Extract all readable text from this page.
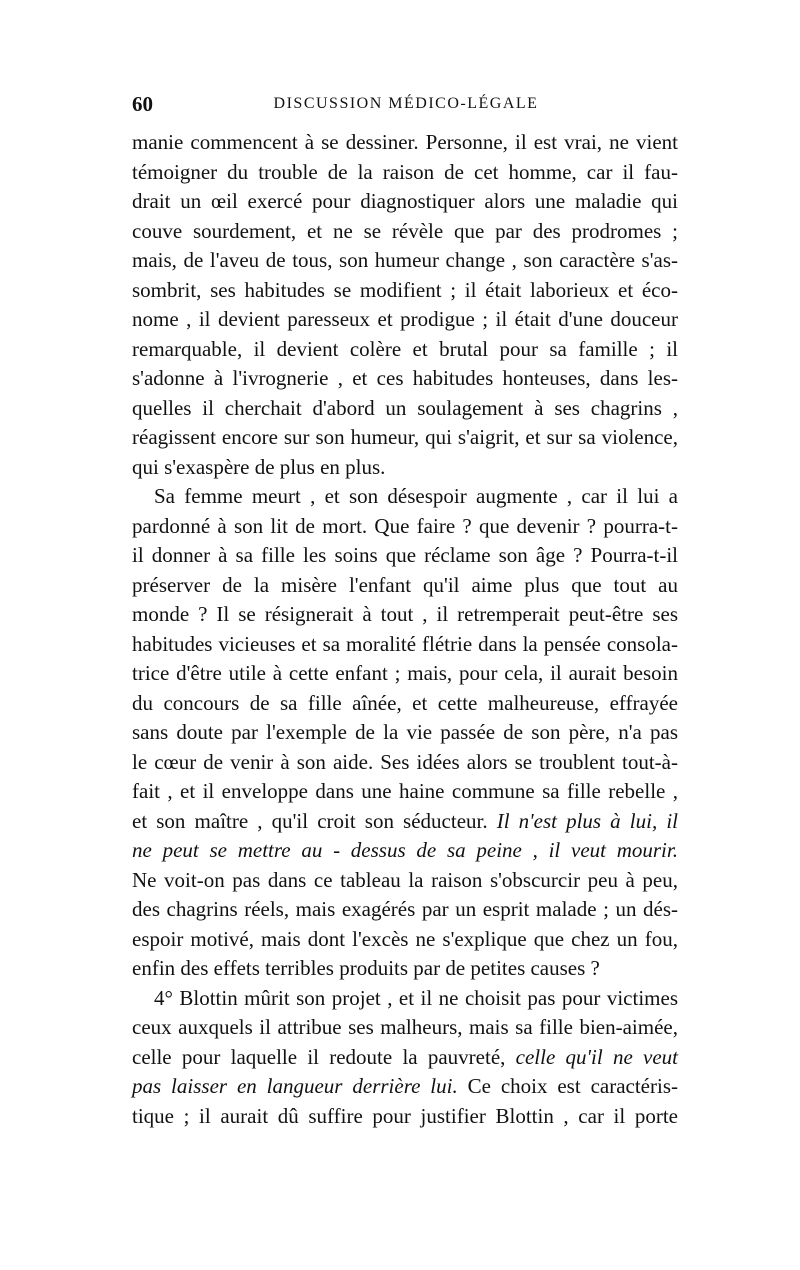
60	DISCUSSION MÉDICO-LÉGALE
manie commencent à se dessiner. Personne, il est vrai, ne vient
témoigner du trouble de la raison de cet homme, car il fau-
drait un œil exercé pour diagnostiquer alors une maladie qui
couve sourdement, et ne se révèle que par des prodromes ;
mais, de l'aveu de tous, son humeur change , son caractère s'as-
sombrit, ses habitudes se modifient ; il était laborieux et éco-
nome , il devient paresseux et prodigue ; il était d'une douceur
remarquable, il devient colère et brutal pour sa famille ; il
s'adonne à l'ivrognerie , et ces habitudes honteuses, dans les-
quelles il cherchait d'abord un soulagement à ses chagrins ,
réagissent encore sur son humeur, qui s'aigrit, et sur sa violence,
qui s'exaspère de plus en plus.
Sa femme meurt , et son désespoir augmente , car il lui a
pardonné à son lit de mort. Que faire ? que devenir ? pourra-t-
il donner à sa fille les soins que réclame son âge ? Pourra-t-il
préserver de la misère l'enfant qu'il aime plus que tout au
monde ? Il se résignerait à tout , il retremperait peut-être ses
habitudes vicieuses et sa moralité flétrie dans la pensée consola-
trice d'être utile à cette enfant ; mais, pour cela, il aurait besoin
du concours de sa fille aînée, et cette malheureuse, effrayée
sans doute par l'exemple de la vie passée de son père, n'a pas
le cœur de venir à son aide. Ses idées alors se troublent tout-à-
fait , et il enveloppe dans une haine commune sa fille rebelle ,
et son maître , qu'il croit son séducteur. Il n'est plus à lui, il
ne peut se mettre au - dessus de sa peine , il veut mourir.
Ne voit-on pas dans ce tableau la raison s'obscurcir peu à peu,
des chagrins réels, mais exagérés par un esprit malade ; un dés-
espoir motivé, mais dont l'excès ne s'explique que chez un fou,
enfin des effets terribles produits par de petites causes ?
4° Blottin mûrit son projet , et il ne choisit pas pour victimes
ceux auxquels il attribue ses malheurs, mais sa fille bien-aimée,
celle pour laquelle il redoute la pauvreté, celle qu'il ne veut
pas laisser en langueur derrière lui. Ce choix est caractéris-
tique ; il aurait dû suffire pour justifier Blottin , car il porte
